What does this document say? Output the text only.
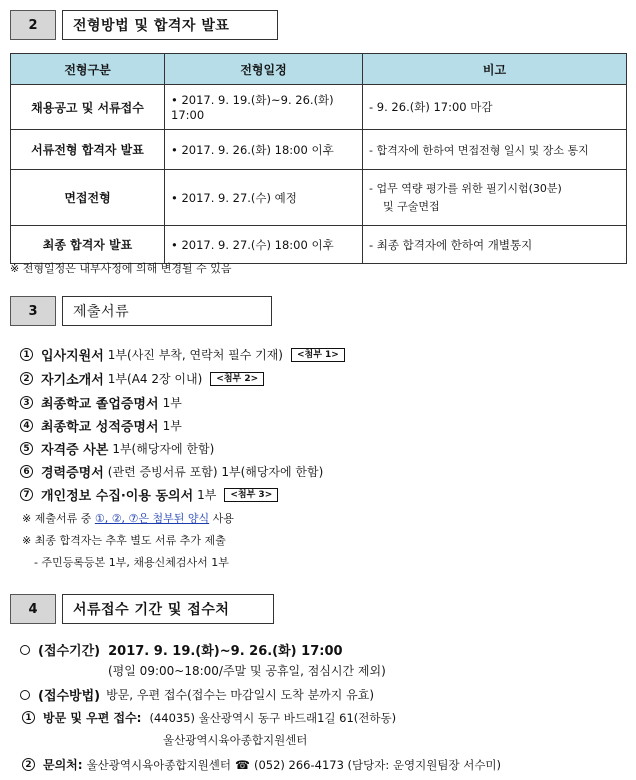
2	전형방법 및 합격자 발표
전형구분	전형일정	비고
채용공고 및 서류접수	• 2017. 9. 19.(화)~9. 26.(화) 17:00	- 9. 26.(화) 17:00 마감
서류전형 합격자 발표	• 2017. 9. 26.(화) 18:00 이후	- 합격자에 한하여 면접전형 일시 및 장소 통지
면접전형	• 2017. 9. 27.(수) 예정	- 업무 역량 평가를 위한 필기시험(30분)
및 구술면접

최종 합격자 발표	• 2017. 9. 27.(수) 18:00 이후	- 최종 합격자에 한하여 개별통지
※ 전형일정은 내부사정에 의해 변경될 수 있음
3	제출서류
1 입사지원서 1부(사진 부착, 연락처 필수 기재)	<첨부 1>
2 자기소개서 1부(A4 2장 이내)	<첨부 2>
3 최종학교 졸업증명서 1부
4 최종학교 성적증명서 1부
5 자격증 사본 1부(해당자에 한함)
6 경력증명서 (관련 증빙서류 포함) 1부(해당자에 한함)
7 개인정보 수집·이용 동의서 1부	<첨부 3>
※ 제출서류 중 ①, ②, ⑦은 첨부된 양식 사용
※ 최종 합격자는 추후 별도 서류 추가 제출
- 주민등록등본 1부, 채용신체검사서 1부
4	서류접수 기간 및 접수처
(접수기간) 2017. 9. 19.(화)~9. 26.(화) 17:00
(평일 09:00~18:00/주말 및 공휴일, 점심시간 제외)
(접수방법) 방문, 우편 접수(접수는 마감일시 도착 분까지 유효)
1 방문 및 우편 접수: (44035) 울산광역시 동구 바드래1길 61(전하동)
울산광역시육아종합지원센터
2 문의처: 울산광역시육아종합지원센터 ☎ (052) 266-4173 (담당자: 운영지원팀장 서수미)
